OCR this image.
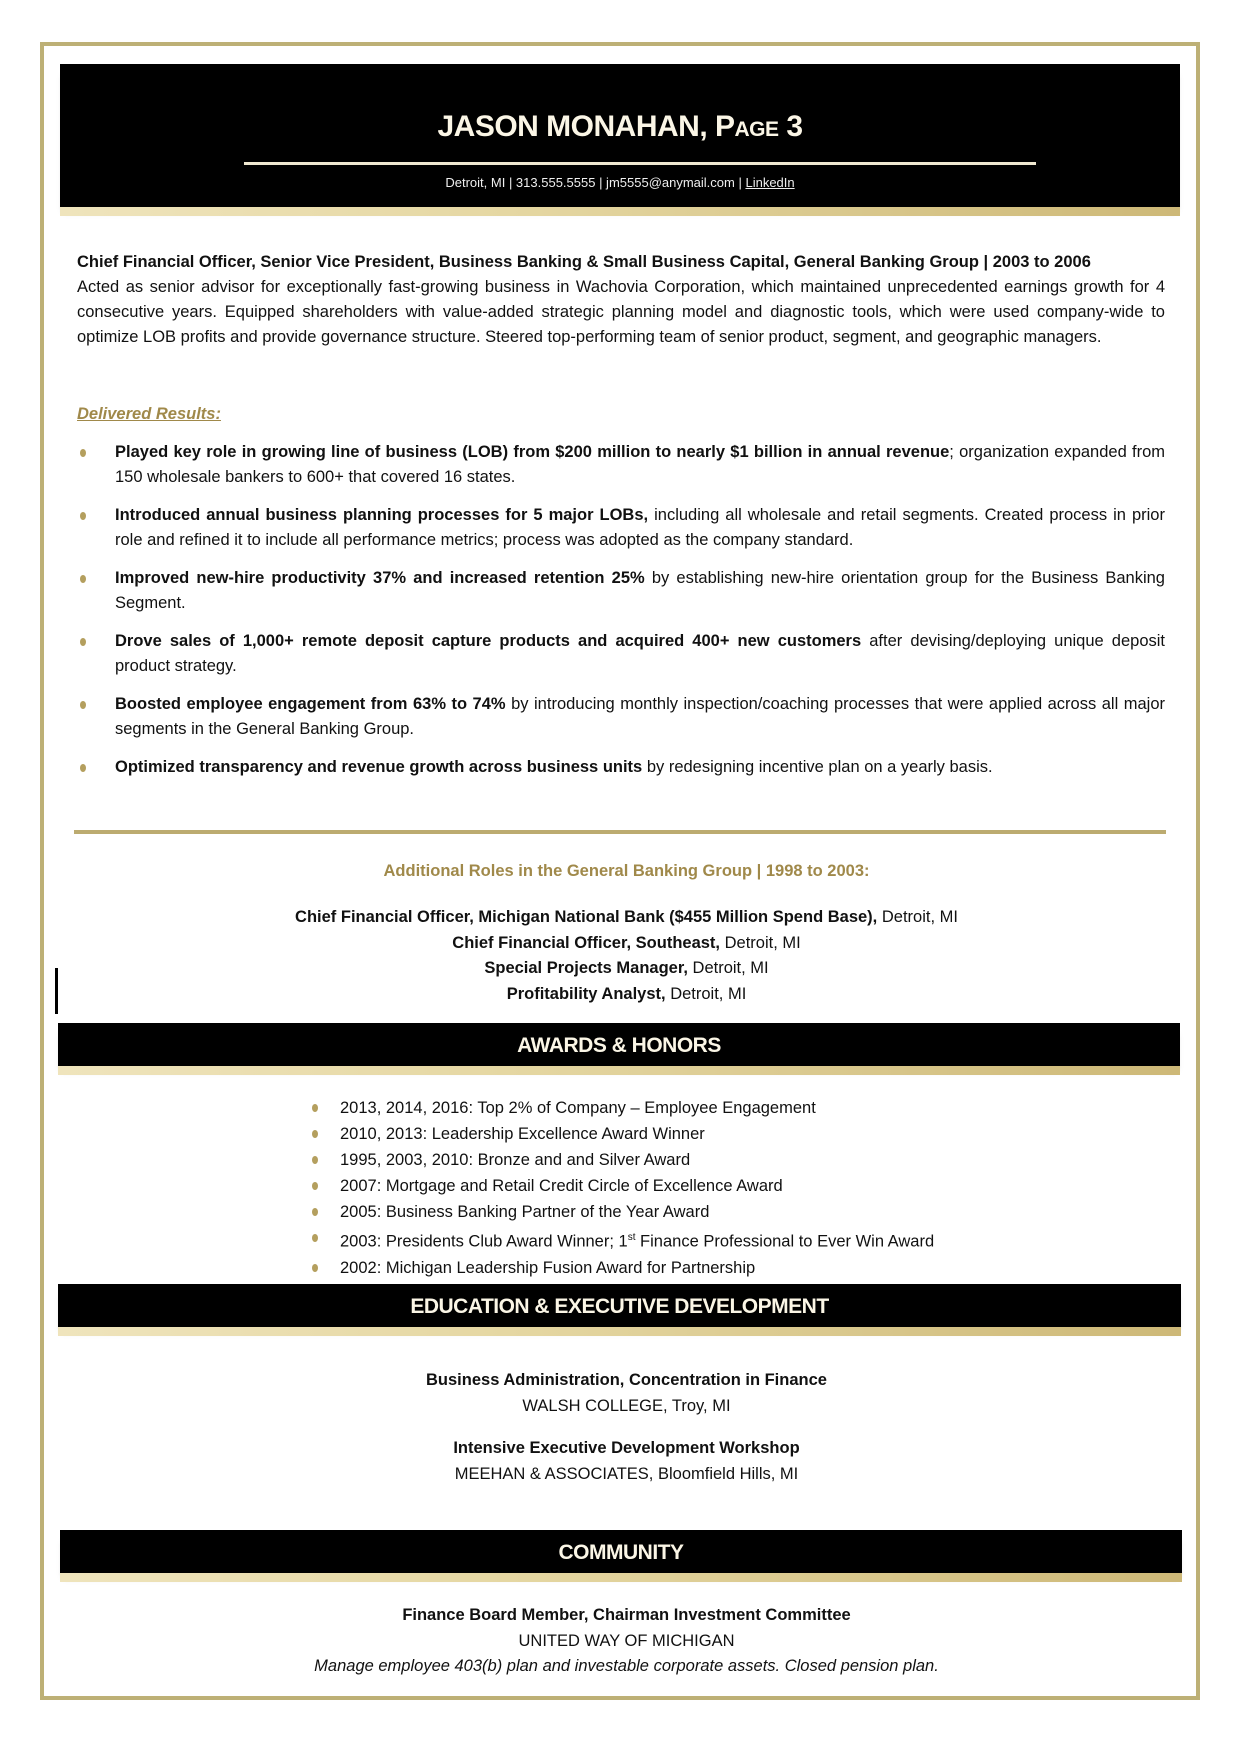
JASON MONAHAN, Page 3
Detroit, MI | 313.555.5555 | jm5555@anymail.com | LinkedIn
Chief Financial Officer, Senior Vice President, Business Banking & Small Business Capital, General Banking Group | 2003 to 2006
Acted as senior advisor for exceptionally fast-growing business in Wachovia Corporation, which maintained unprecedented earnings growth for 4 consecutive years. Equipped shareholders with value-added strategic planning model and diagnostic tools, which were used company-wide to optimize LOB profits and provide governance structure. Steered top-performing team of senior product, segment, and geographic managers.
Delivered Results:
Played key role in growing line of business (LOB) from $200 million to nearly $1 billion in annual revenue; organization expanded from 150 wholesale bankers to 600+ that covered 16 states.
Introduced annual business planning processes for 5 major LOBs, including all wholesale and retail segments. Created process in prior role and refined it to include all performance metrics; process was adopted as the company standard.
Improved new-hire productivity 37% and increased retention 25% by establishing new-hire orientation group for the Business Banking Segment.
Drove sales of 1,000+ remote deposit capture products and acquired 400+ new customers after devising/deploying unique deposit product strategy.
Boosted employee engagement from 63% to 74% by introducing monthly inspection/coaching processes that were applied across all major segments in the General Banking Group.
Optimized transparency and revenue growth across business units by redesigning incentive plan on a yearly basis.
Additional Roles in the General Banking Group | 1998 to 2003:
Chief Financial Officer, Michigan National Bank ($455 Million Spend Base), Detroit, MI
Chief Financial Officer, Southeast, Detroit, MI
Special Projects Manager, Detroit, MI
Profitability Analyst, Detroit, MI
AWARDS & HONORS
2013, 2014, 2016: Top 2% of Company – Employee Engagement
2010, 2013: Leadership Excellence Award Winner
1995, 2003, 2010: Bronze and and Silver Award
2007: Mortgage and Retail Credit Circle of Excellence Award
2005: Business Banking Partner of the Year Award
2003: Presidents Club Award Winner; 1st Finance Professional to Ever Win Award
2002: Michigan Leadership Fusion Award for Partnership
EDUCATION & EXECUTIVE DEVELOPMENT
Business Administration, Concentration in Finance
WALSH COLLEGE, Troy, MI
Intensive Executive Development Workshop
MEEHAN & ASSOCIATES, Bloomfield Hills, MI
COMMUNITY
Finance Board Member, Chairman Investment Committee
UNITED WAY OF MICHIGAN
Manage employee 403(b) plan and investable corporate assets. Closed pension plan.
